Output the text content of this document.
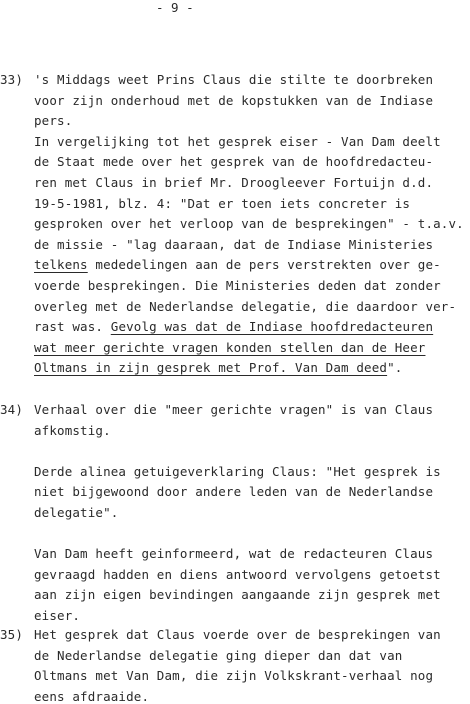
- 9 -
33) 's Middags weet Prins Claus die stilte te doorbreken
voor zijn onderhoud met de kopstukken van de Indiase
pers.
In vergelijking tot het gesprek eiser - Van Dam deelt
de Staat mede over het gesprek van de hoofdredacteu-
ren met Claus in brief Mr. Droogleever Fortuijn d.d.
19-5-1981, blz. 4: "Dat er toen iets concreter is
gesproken over het verloop van de besprekingen" - t.a.v.
de missie - "lag daaraan, dat de Indiase Ministeries
telkens mededelingen aan de pers verstrekten over ge-
voerde besprekingen. Die Ministeries deden dat zonder
overleg met de Nederlandse delegatie, die daardoor ver-
rast was. Gevolg was dat de Indiase hoofdredacteuren
wat meer gerichte vragen konden stellen dan de Heer
Oltmans in zijn gesprek met Prof. Van Dam deed".
34) Verhaal over die "meer gerichte vragen" is van Claus
afkomstig.
Derde alinea getuigeverklaring Claus: "Het gesprek is
niet bijgewoond door andere leden van de Nederlandse
delegatie".
Van Dam heeft geinformeerd, wat de redacteuren Claus
gevraagd hadden en diens antwoord vervolgens getoetst
aan zijn eigen bevindingen aangaande zijn gesprek met
eiser.
35) Het gesprek dat Claus voerde over de besprekingen van
de Nederlandse delegatie ging dieper dan dat van
Oltmans met Van Dam, die zijn Volkskrant-verhaal nog
eens afdraaide.
